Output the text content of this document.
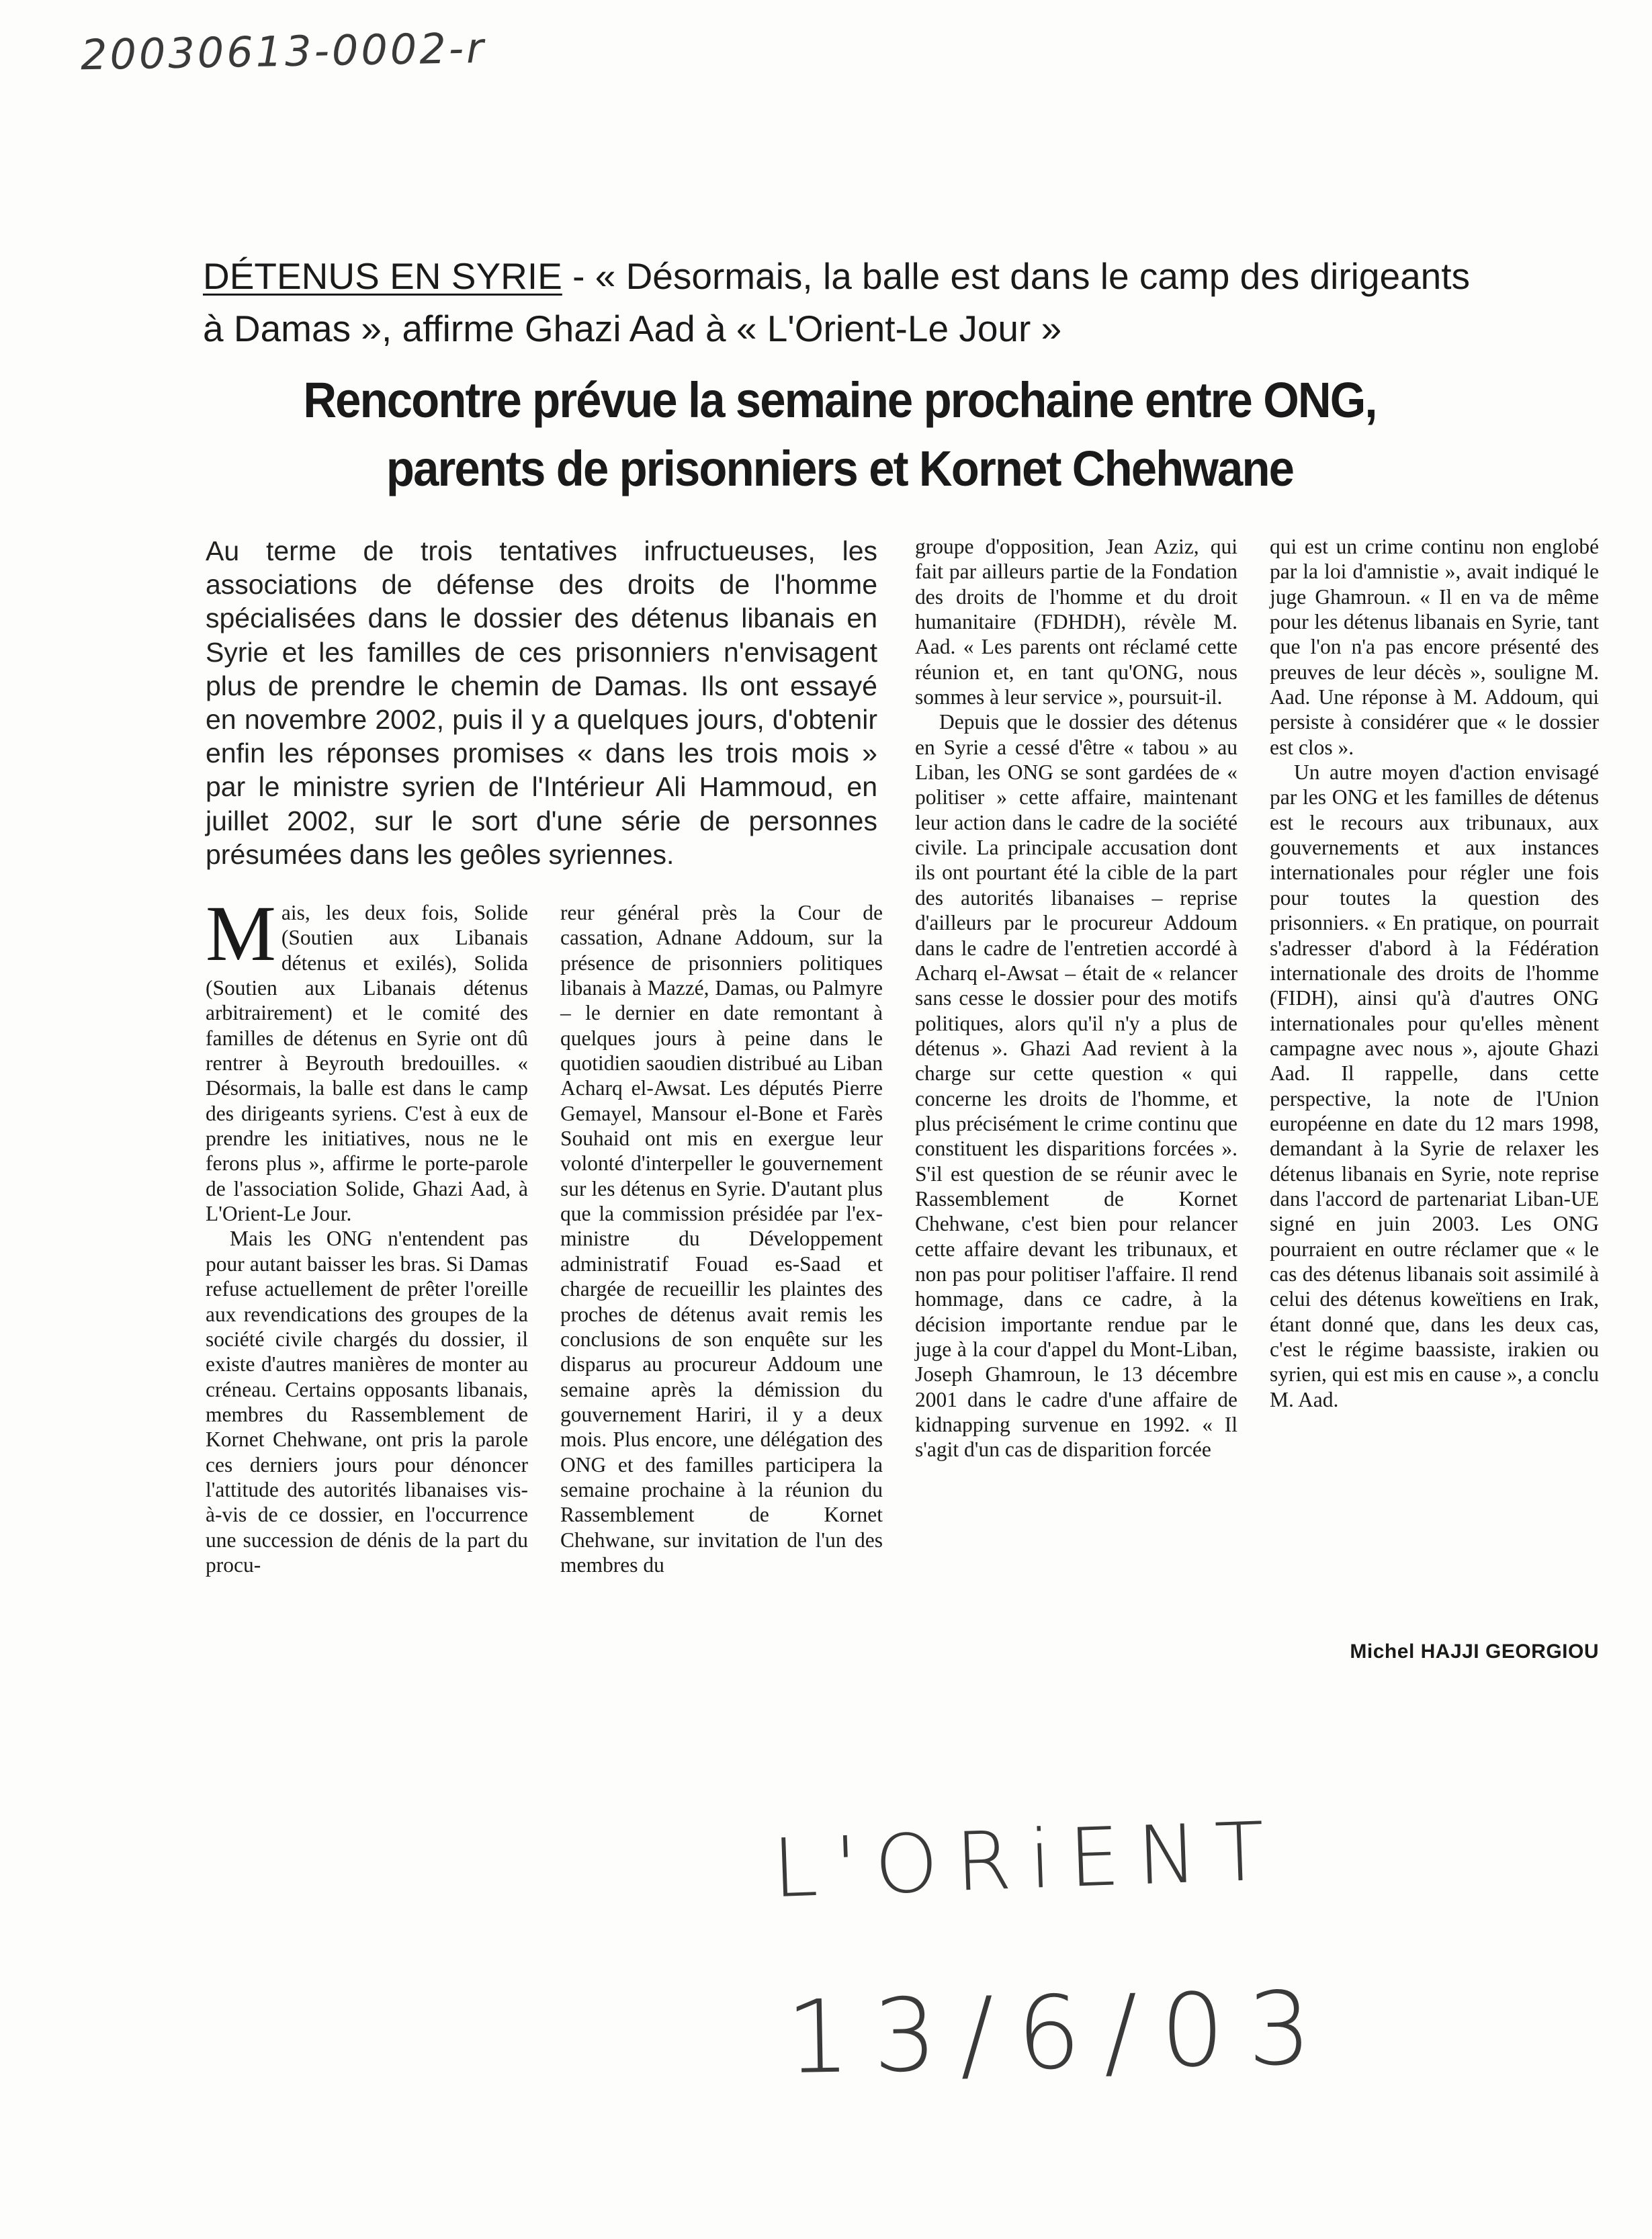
20030613-0002-r
DÉTENUS EN SYRIE - « Désormais, la balle est dans le camp des dirigeants à Damas », affirme Ghazi Aad à « L'Orient-Le Jour »
Rencontre prévue la semaine prochaine entre ONG,
parents de prisonniers et Kornet Chehwane
Au terme de trois tentatives infructueuses, les associations de défense des droits de l'homme spécialisées dans le dossier des détenus libanais en Syrie et les familles de ces prisonniers n'envisagent plus de prendre le chemin de Damas. Ils ont essayé en novembre 2002, puis il y a quelques jours, d'obtenir enfin les réponses promises « dans les trois mois » par le ministre syrien de l'Intérieur Ali Hammoud, en juillet 2002, sur le sort d'une série de personnes présumées dans les geôles syriennes.

Mais, les deux fois, Solide (Soutien aux Libanais détenus et exilés), Solida (Soutien aux Libanais détenus arbitrairement) et le comité des familles de détenus en Syrie ont dû rentrer à Beyrouth bredouilles. « Désormais, la balle est dans le camp des dirigeants syriens. C'est à eux de prendre les initiatives, nous ne le ferons plus », affirme le porte-parole de l'association Solide, Ghazi Aad, à L'Orient-Le Jour.

Mais les ONG n'entendent pas pour autant baisser les bras. Si Damas refuse actuellement de prêter l'oreille aux revendications des groupes de la société civile chargés du dossier, il existe d'autres manières de monter au créneau. Certains opposants libanais, membres du Rassemblement de Kornet Chehwane, ont pris la parole ces derniers jours pour dénoncer l'attitude des autorités libanaises vis-à-vis de ce dossier, en l'occurrence une succession de dénis de la part du procu-

reur général près la Cour de cassation, Adnane Addoum, sur la présence de prisonniers politiques libanais à Mazzé, Damas, ou Palmyre – le dernier en date remontant à quelques jours à peine dans le quotidien saoudien distribué au Liban Acharq el-Awsat. Les députés Pierre Gemayel, Mansour el-Bone et Farès Souhaid ont mis en exergue leur volonté d'interpeller le gouvernement sur les détenus en Syrie. D'autant plus que la commission présidée par l'ex-ministre du Développement administratif Fouad es-Saad et chargée de recueillir les plaintes des proches de détenus avait remis les conclusions de son enquête sur les disparus au procureur Addoum une semaine après la démission du gouvernement Hariri, il y a deux mois. Plus encore, une délégation des ONG et des familles participera la semaine prochaine à la réunion du Rassemblement de Kornet Chehwane, sur invitation de l'un des membres du

groupe d'opposition, Jean Aziz, qui fait par ailleurs partie de la Fondation des droits de l'homme et du droit humanitaire (FDHDH), révèle M. Aad. « Les parents ont réclamé cette réunion et, en tant qu'ONG, nous sommes à leur service », poursuit-il.

Depuis que le dossier des détenus en Syrie a cessé d'être « tabou » au Liban, les ONG se sont gardées de « politiser » cette affaire, maintenant leur action dans le cadre de la société civile. La principale accusation dont ils ont pourtant été la cible de la part des autorités libanaises – reprise d'ailleurs par le procureur Addoum dans le cadre de l'entretien accordé à Acharq el-Awsat – était de « relancer sans cesse le dossier pour des motifs politiques, alors qu'il n'y a plus de détenus ». Ghazi Aad revient à la charge sur cette question « qui concerne les droits de l'homme, et plus précisément le crime continu que constituent les disparitions forcées ». S'il est question de se réunir avec le Rassemblement de Kornet Chehwane, c'est bien pour relancer cette affaire devant les tribunaux, et non pas pour politiser l'affaire. Il rend hommage, dans ce cadre, à la décision importante rendue par le juge à la cour d'appel du Mont-Liban, Joseph Ghamroun, le 13 décembre 2001 dans le cadre d'une affaire de kidnapping survenue en 1992. « Il s'agit d'un cas de disparition forcée

qui est un crime continu non englobé par la loi d'amnistie », avait indiqué le juge Ghamroun. « Il en va de même pour les détenus libanais en Syrie, tant que l'on n'a pas encore présenté des preuves de leur décès », souligne M. Aad. Une réponse à M. Addoum, qui persiste à considérer que « le dossier est clos ».

Un autre moyen d'action envisagé par les ONG et les familles de détenus est le recours aux tribunaux, aux gouvernements et aux instances internationales pour régler une fois pour toutes la question des prisonniers. « En pratique, on pourrait s'adresser d'abord à la Fédération internationale des droits de l'homme (FIDH), ainsi qu'à d'autres ONG internationales pour qu'elles mènent campagne avec nous », ajoute Ghazi Aad. Il rappelle, dans cette perspective, la note de l'Union européenne en date du 12 mars 1998, demandant à la Syrie de relaxer les détenus libanais en Syrie, note reprise dans l'accord de partenariat Liban-UE signé en juin 2003. Les ONG pourraient en outre réclamer que « le cas des détenus libanais soit assimilé à celui des détenus koweïtiens en Irak, étant donné que, dans les deux cas, c'est le régime baassiste, irakien ou syrien, qui est mis en cause », a conclu M. Aad.

Michel HAJJI GEORGIOU
L'ORiENT
13/6/03
